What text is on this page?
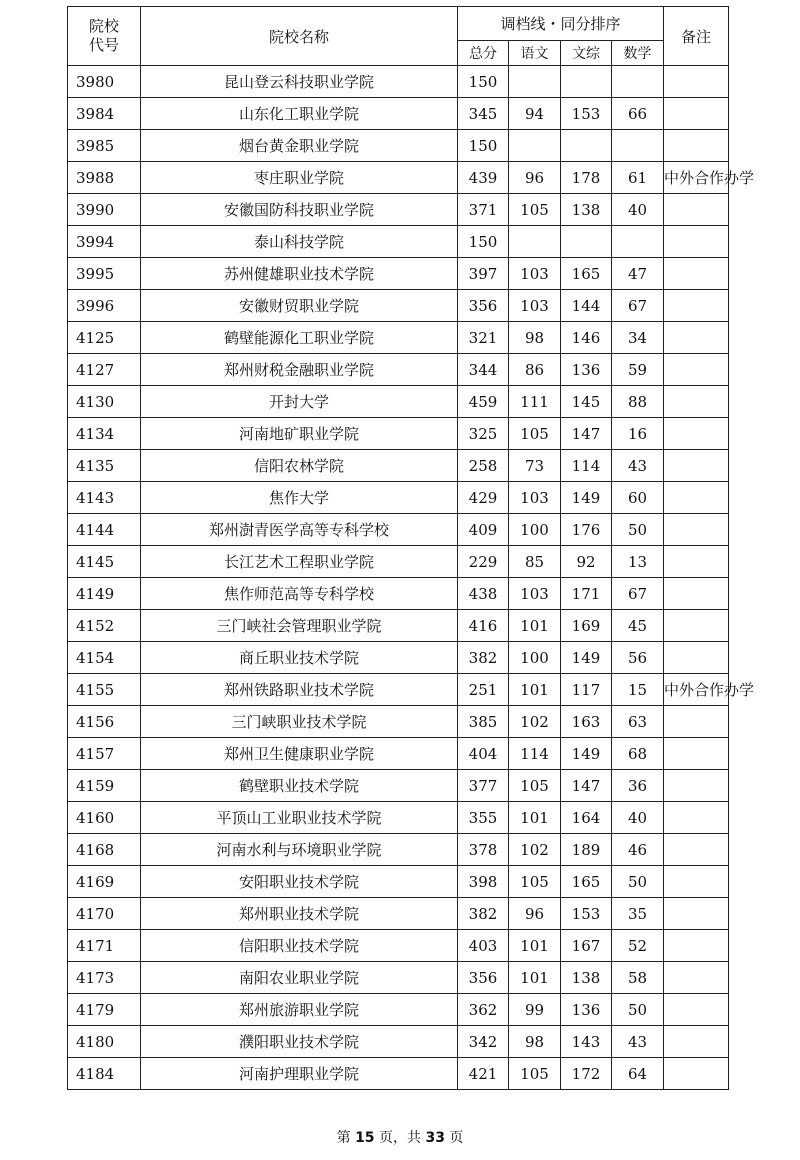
院校
代号	院校名称	调档线・同分排序				备注
		总分	语文	文综	数学	
3980	昆山登云科技职业学院	150				
3984	山东化工职业学院	345	94	153	66	
3985	烟台黄金职业学院	150				
3988	枣庄职业学院	439	96	178	61	中外合作办学
3990	安徽国防科技职业学院	371	105	138	40	
3994	泰山科技学院	150				
3995	苏州健雄职业技术学院	397	103	165	47	
3996	安徽财贸职业学院	356	103	144	67	
4125	鹤壁能源化工职业学院	321	98	146	34	
4127	郑州财税金融职业学院	344	86	136	59	
4130	开封大学	459	111	145	88	
4134	河南地矿职业学院	325	105	147	16	
4135	信阳农林学院	258	73	114	43	
4143	焦作大学	429	103	149	60	
4144	郑州澍青医学高等专科学校	409	100	176	50	
4145	长江艺术工程职业学院	229	85	92	13	
4149	焦作师范高等专科学校	438	103	171	67	
4152	三门峡社会管理职业学院	416	101	169	45	
4154	商丘职业技术学院	382	100	149	56	
4155	郑州铁路职业技术学院	251	101	117	15	中外合作办学
4156	三门峡职业技术学院	385	102	163	63	
4157	郑州卫生健康职业学院	404	114	149	68	
4159	鹤壁职业技术学院	377	105	147	36	
4160	平顶山工业职业技术学院	355	101	164	40	
4168	河南水利与环境职业学院	378	102	189	46	
4169	安阳职业技术学院	398	105	165	50	
4170	郑州职业技术学院	382	96	153	35	
4171	信阳职业技术学院	403	101	167	52	
4173	南阳农业职业学院	356	101	138	58	
4179	郑州旅游职业学院	362	99	136	50	
4180	濮阳职业技术学院	342	98	143	43	
4184	河南护理职业学院	421	105	172	64	
第 15 页，共 33 页
